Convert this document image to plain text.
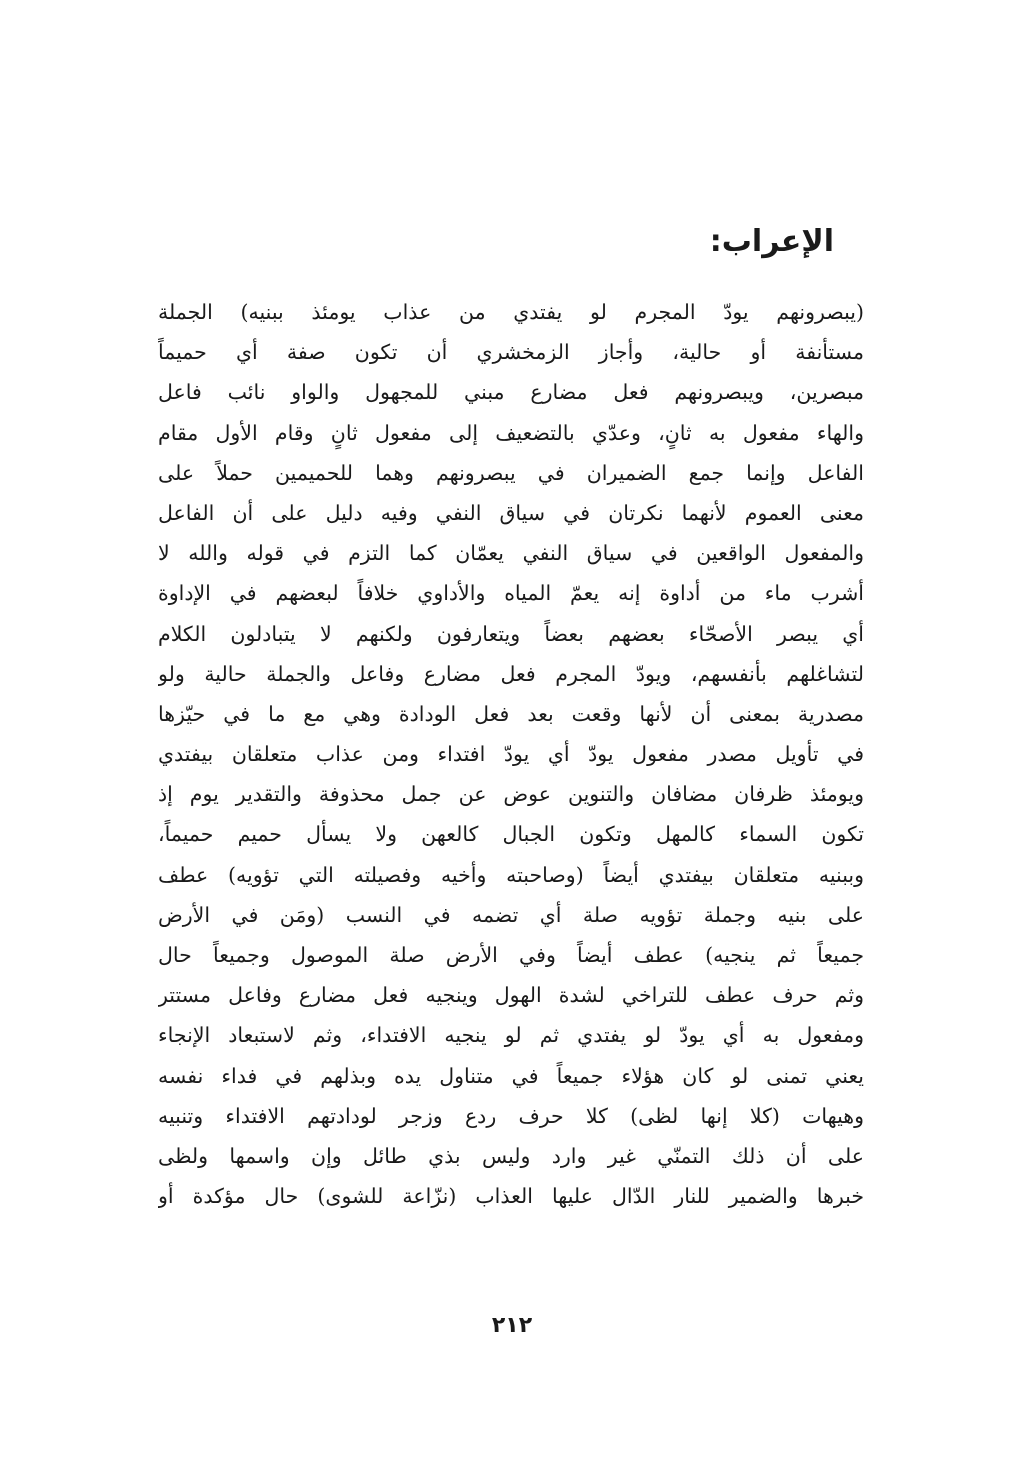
الإعراب:
(يبصرونهم يودّ المجرم لو يفتدي من عذاب يومئذ ببنيه) الجملة
مستأنفة أو حالية، وأجاز الزمخشري أن تكون صفة أي حميماً
مبصرين، ويبصرونهم فعل مضارع مبني للمجهول والواو نائب فاعل
والهاء مفعول به ثانٍ، وعدّي بالتضعيف إلى مفعول ثانٍ وقام الأول مقام
الفاعل وإنما جمع الضميران في يبصرونهم وهما للحميمين حملاً على
معنى العموم لأنهما نكرتان في سياق النفي وفيه دليل على أن الفاعل
والمفعول الواقعين في سياق النفي يعمّان كما التزم في قوله والله لا
أشرب ماء من أداوة إنه يعمّ المياه والأداوي خلافاً لبعضهم في الإداوة
أي يبصر الأصحّاء بعضهم بعضاً ويتعارفون ولكنهم لا يتبادلون الكلام
لتشاغلهم بأنفسهم، ويودّ المجرم فعل مضارع وفاعل والجملة حالية ولو
مصدرية بمعنى أن لأنها وقعت بعد فعل الودادة وهي مع ما في حيّزها
في تأويل مصدر مفعول يودّ أي يودّ افتداء ومن عذاب متعلقان بيفتدي
ويومئذ ظرفان مضافان والتنوين عوض عن جمل محذوفة والتقدير يوم إذ
تكون السماء كالمهل وتكون الجبال كالعهن ولا يسأل حميم حميماً،
وببنيه متعلقان بيفتدي أيضاً (وصاحبته وأخيه وفصيلته التي تؤويه) عطف
على بنيه وجملة تؤويه صلة أي تضمه في النسب (ومَن في الأرض
جميعاً ثم ينجيه) عطف أيضاً وفي الأرض صلة الموصول وجميعاً حال
وثم حرف عطف للتراخي لشدة الهول وينجيه فعل مضارع وفاعل مستتر
ومفعول به أي يودّ لو يفتدي ثم لو ينجيه الافتداء، وثم لاستبعاد الإنجاء
يعني تمنى لو كان هؤلاء جميعاً في متناول يده وبذلهم في فداء نفسه
وهيهات (كلا إنها لظى) كلا حرف ردع وزجر لودادتهم الافتداء وتنبيه
على أن ذلك التمنّي غير وارد وليس بذي طائل وإن واسمها ولظى
خبرها والضمير للنار الدّال عليها العذاب (نزّاعة للشوى) حال مؤكدة أو

٢١٢
